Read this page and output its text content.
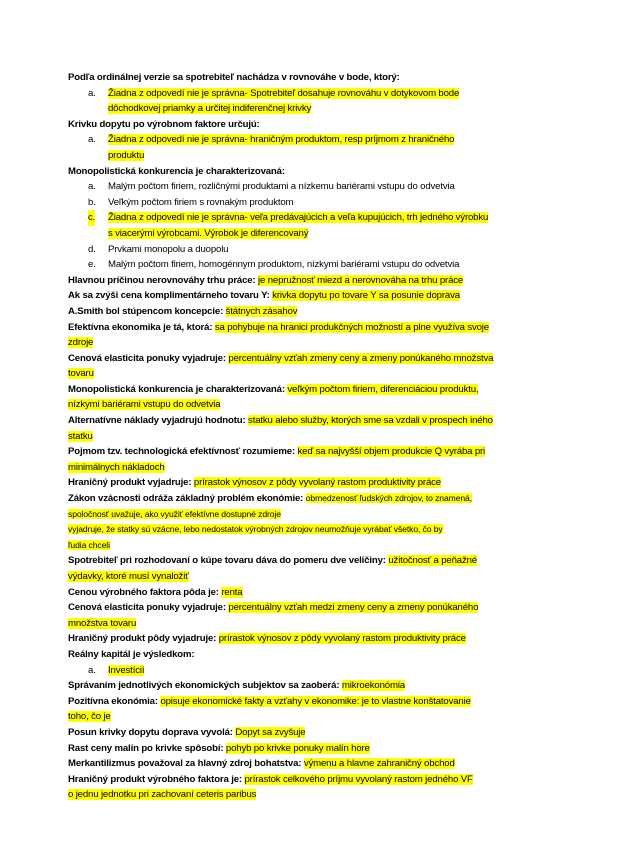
Podľa ordinálnej verzie sa spotrebiteľ nachádza v rovnováhe v bode, ktorý:
a. Žiadna z odpovedí nie je správna- Spotrebiteľ dosahuje rovnováhu v dotykovom bode
dôchodkovej priamky a určitej indiferenčnej krivky
Krivku dopytu po výrobnom faktore určujú:
a. Žiadna z odpovedí nie je správna- hraničným produktom, resp príjmom z hraničného
produktu
Monopolistická konkurencia je charakterizovaná:
a. Malým počtom firiem, rozličnými produktami a nízkemu bariérami vstupu do odvetvia
b. Veľkým počtom firiem s rovnakým produktom
c. Žiadna z odpovedí nie je správna- veľa predávajúcich a veľa kupujúcich, trh jedného výrobku
s viacerými výrobcami. Výrobok je diferencovaný
d. Prvkami monopolu a duopolu
e. Malým počtom firiem, homogénnym produktom, nízkymi bariérami vstupu do odvetvia
Hlavnou príčinou nerovnováhy trhu práce: je nepružnosť miezd a nerovnováha na trhu práce
Ak sa zvýši cena komplimentárneho tovaru Y: krivka dopytu po tovare Y sa posunie doprava
A.Smith bol stúpencom koncepcie: štátnych zásahov
Efektívna ekonomika je tá, ktorá: sa pohybuje na hranici produkčných možností a plne využíva svoje
zdroje
Cenová elasticita ponuky vyjadruje: percentuálny vzťah zmeny ceny a zmeny ponúkaného množstva
tovaru
Monopolistická konkurencia je charakterizovaná: veľkým počtom firiem, diferenciáciou produktu,
nízkymi bariérami vstupu do odvetvia
Alternatívne náklady vyjadrujú hodnotu: statku alebo služby, ktorých sme sa vzdali v prospech iného
statku
Pojmom tzv. technologická efektívnosť rozumieme: keď sa najvyšší objem produkcie Q vyrába pri
minimálnych nákladoch
Hraničný produkt vyjadruje: prírastok výnosov z pôdy vyvolaný rastom produktivity práce
Zákon vzácnosti odráža základný problém ekonómie: obmedzenosť ľudských zdrojov, to znamená,
spoločnosť uvažuje, ako využiť efektívne dostupné zdroje
vyjadruje, že statky sú vzácne, lebo nedostatok výrobných zdrojov neumožňuje vyrábať všetko, čo by
ľudia chceli
Spotrebiteľ pri rozhodovaní o kúpe tovaru dáva do pomeru dve veličiny: užitočnosť a peňažné
výdavky, ktoré musí vynaložiť
Cenou výrobného faktora pôda je: renta
Cenová elasticita ponuky vyjadruje: percentuálny vzťah medzi zmeny ceny a zmeny ponúkaného
množstva tovaru
Hraničný produkt pôdy vyjadruje: prírastok výnosov z pôdy vyvolaný rastom produktivity práce
Reálny kapitál je výsledkom:
a. Investícií
Správaním jednotlivých ekonomických subjektov sa zaoberá: mikroekonómia
Pozitívna ekonómia: opisuje ekonomické fakty a vzťahy v ekonomike: je to vlastne konštatovanie
toho, čo je
Posun krivky dopytu doprava vyvolá: Dopyt sa zvyšuje
Rast ceny malín po krivke spôsobí: pohyb po krivke ponuky malín hore
Merkantilizmus považoval za hlavný zdroj bohatstva: výmenu a hlavne zahraničný obchod
Hraničný produkt výrobného faktora je: prírastok celkového príjmu vyvolaný rastom jedného VF
o jednu jednotku pri zachovaní ceteris paribus
